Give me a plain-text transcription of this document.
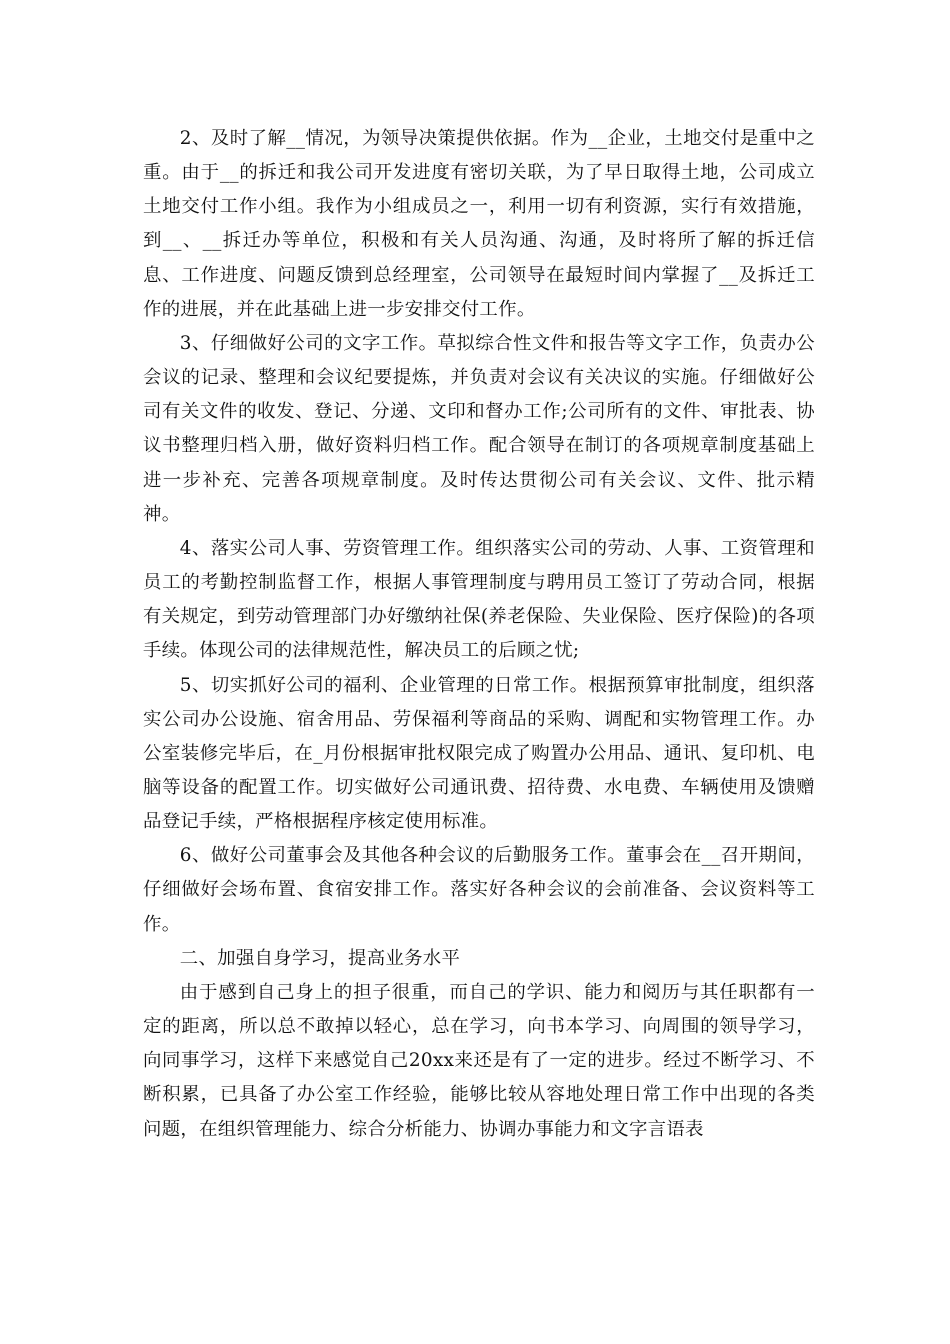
2、及时了解__情况，为领导决策提供依据。作为__企业，土地交付是重中之重。由于__的拆迁和我公司开发进度有密切关联，为了早日取得土地，公司成立土地交付工作小组。我作为小组成员之一，利用一切有利资源，实行有效措施，到__、__拆迁办等单位，积极和有关人员沟通、沟通，及时将所了解的拆迁信息、工作进度、问题反馈到总经理室，公司领导在最短时间内掌握了__及拆迁工作的进展，并在此基础上进一步安排交付工作。

3、仔细做好公司的文字工作。草拟综合性文件和报告等文字工作，负责办公会议的记录、整理和会议纪要提炼，并负责对会议有关决议的实施。仔细做好公司有关文件的收发、登记、分递、文印和督办工作;公司所有的文件、审批表、协议书整理归档入册，做好资料归档工作。配合领导在制订的各项规章制度基础上进一步补充、完善各项规章制度。及时传达贯彻公司有关会议、文件、批示精神。

4、落实公司人事、劳资管理工作。组织落实公司的劳动、人事、工资管理和员工的考勤控制监督工作，根据人事管理制度与聘用员工签订了劳动合同，根据有关规定，到劳动管理部门办好缴纳社保(养老保险、失业保险、医疗保险)的各项手续。体现公司的法律规范性，解决员工的后顾之忧;

5、切实抓好公司的福利、企业管理的日常工作。根据预算审批制度，组织落实公司办公设施、宿舍用品、劳保福利等商品的采购、调配和实物管理工作。办公室装修完毕后，在_月份根据审批权限完成了购置办公用品、通讯、复印机、电脑等设备的配置工作。切实做好公司通讯费、招待费、水电费、车辆使用及馈赠品登记手续，严格根据程序核定使用标准。

6、做好公司董事会及其他各种会议的后勤服务工作。董事会在__召开期间，仔细做好会场布置、食宿安排工作。落实好各种会议的会前准备、会议资料等工作。

二、加强自身学习，提高业务水平

由于感到自己身上的担子很重，而自己的学识、能力和阅历与其任职都有一定的距离，所以总不敢掉以轻心，总在学习，向书本学习、向周围的领导学习，向同事学习，这样下来感觉自己20xx来还是有了一定的进步。经过不断学习、不断积累，已具备了办公室工作经验，能够比较从容地处理日常工作中出现的各类问题，在组织管理能力、综合分析能力、协调办事能力和文字言语表
